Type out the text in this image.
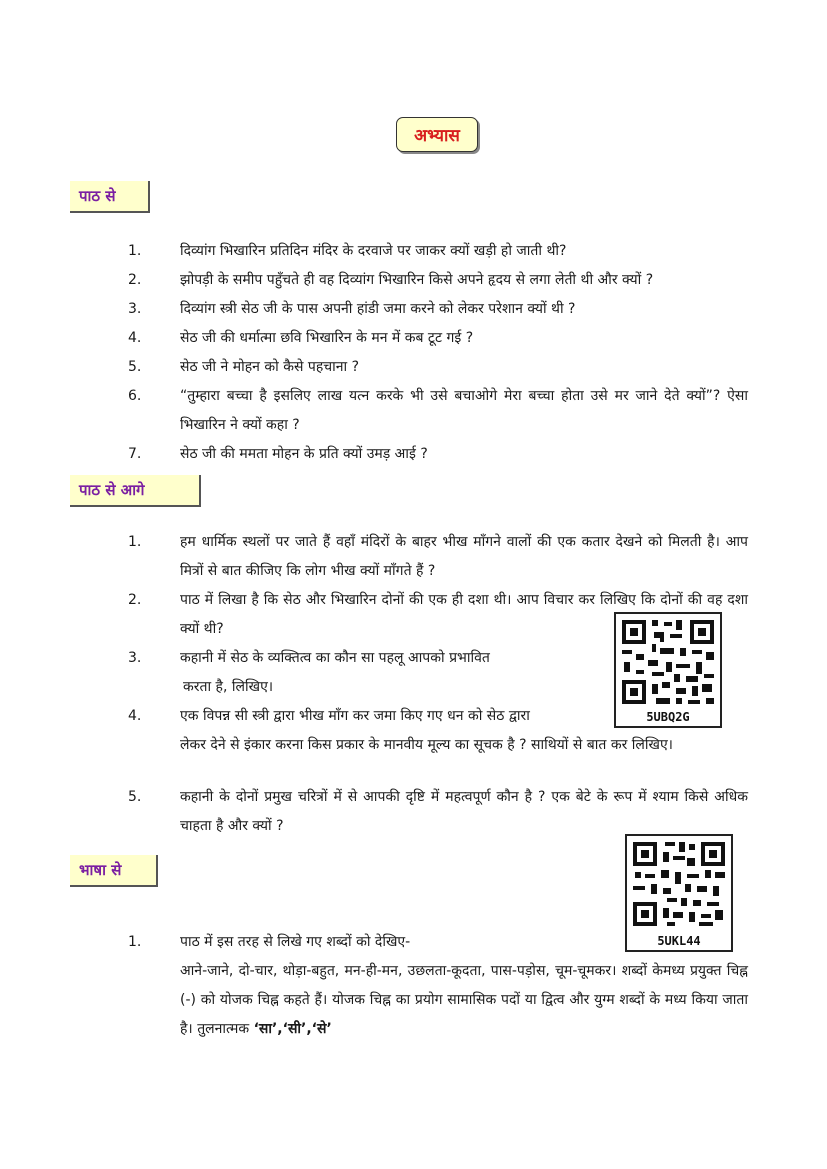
अभ्यास
पाठ से
1.	दिव्यांग भिखारिन प्रतिदिन मंदिर के दरवाजे पर जाकर क्यों खड़ी हो जाती थी?
2.	झोपड़ी के समीप पहुँचते ही वह दिव्यांग भिखारिन किसे अपने हृदय से लगा लेती थी और क्यों ?
3.	दिव्यांग स्त्री सेठ जी के पास अपनी हांडी जमा करने को लेकर परेशान क्यों थी ?
4.	सेठ जी की धर्मात्मा छवि भिखारिन के मन में कब टूट गई ?
5.	सेठ जी ने मोहन को कैसे पहचाना ?
6.	“तुम्हारा बच्चा है इसलिए लाख यत्न करके भी उसे बचाओगे मेरा बच्चा होता उसे मर जाने देते क्यों”? ऐसा भिखारिन ने क्यों कहा ?
7.	सेठ जी की ममता मोहन के प्रति क्यों उमड़ आई ?
पाठ से आगे
1.	हम धार्मिक स्थलों पर जाते हैं वहाँ मंदिरों के बाहर भीख माँगने वालों की एक कतार देखने को मिलती है। आप मित्रों से बात कीजिए कि लोग भीख क्यों माँगते हैं ?
2.	पाठ में लिखा है कि सेठ और भिखारिन दोनों की एक ही दशा थी। आप विचार कर लिखिए कि दोनों की वह दशा क्यों थी?
3.	कहानी में सेठ के व्यक्तित्व का कौन सा पहलू आपको प्रभावित
करता है, लिखिए।
4.	एक विपन्न सी स्त्री द्वारा भीख माँग कर जमा किए गए धन को सेठ द्वारा
लेकर देने से इंकार करना किस प्रकार के मानवीय मूल्य का सूचक है ? साथियों से बात कर लिखिए।
5.	कहानी के दोनों प्रमुख चरित्रों में से आपकी दृष्टि में महत्वपूर्ण कौन है ? एक बेटे के रूप में श्याम किसे अधिक चाहता है और क्यों ?
5UBQ2G
भाषा से
5UKL44
1.	पाठ में इस तरह से लिखे गए शब्दों को देखिए-
आने-जाने, दो-चार, थोड़ा-बहुत, मन-ही-मन, उछलता-कूदता, पास-पड़ोस, चूम-चूमकर। शब्दों केमध्य प्रयुक्त चिह्न (-) को योजक चिह्न कहते हैं। योजक चिह्न का प्रयोग सामासिक पदों या द्वित्व और युग्म शब्दों के मध्य किया जाता है। तुलनात्मक ‘सा’,‘सी’,‘से’
